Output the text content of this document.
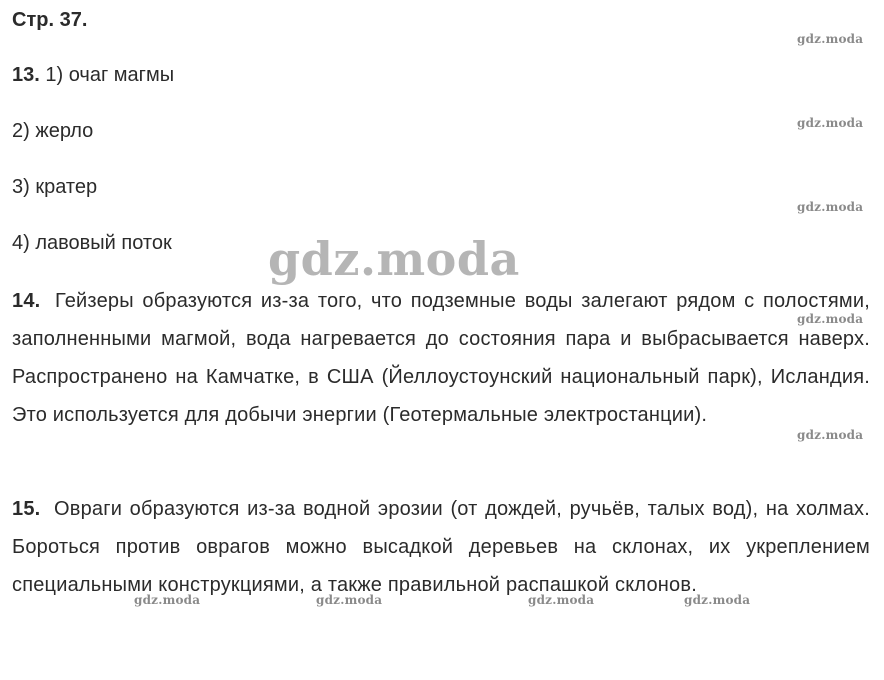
Стр. 37.
13. 1) очаг магмы
2) жерло
3) кратер
4) лавовый поток
14. Гейзеры образуются из-за того, что подземные воды залегают рядом с полостями, заполненными магмой, вода нагревается до состояния пара и выбрасывается наверх. Распространено на Камчатке, в США (Йеллоустоунский национальный парк), Исландия. Это используется для добычи энергии (Геотермальные электростанции).
15. Овраги образуются из-за водной эрозии (от дождей, ручьёв, талых вод), на холмах. Бороться против оврагов можно высадкой деревьев на склонах, их укреплением специальными конструкциями, а также правильной распашкой склонов.
gdz.moda
gdz.moda
gdz.moda
gdz.moda
gdz.moda
gdz.moda
gdz.moda	gdz.moda	gdz.moda	gdz.moda
